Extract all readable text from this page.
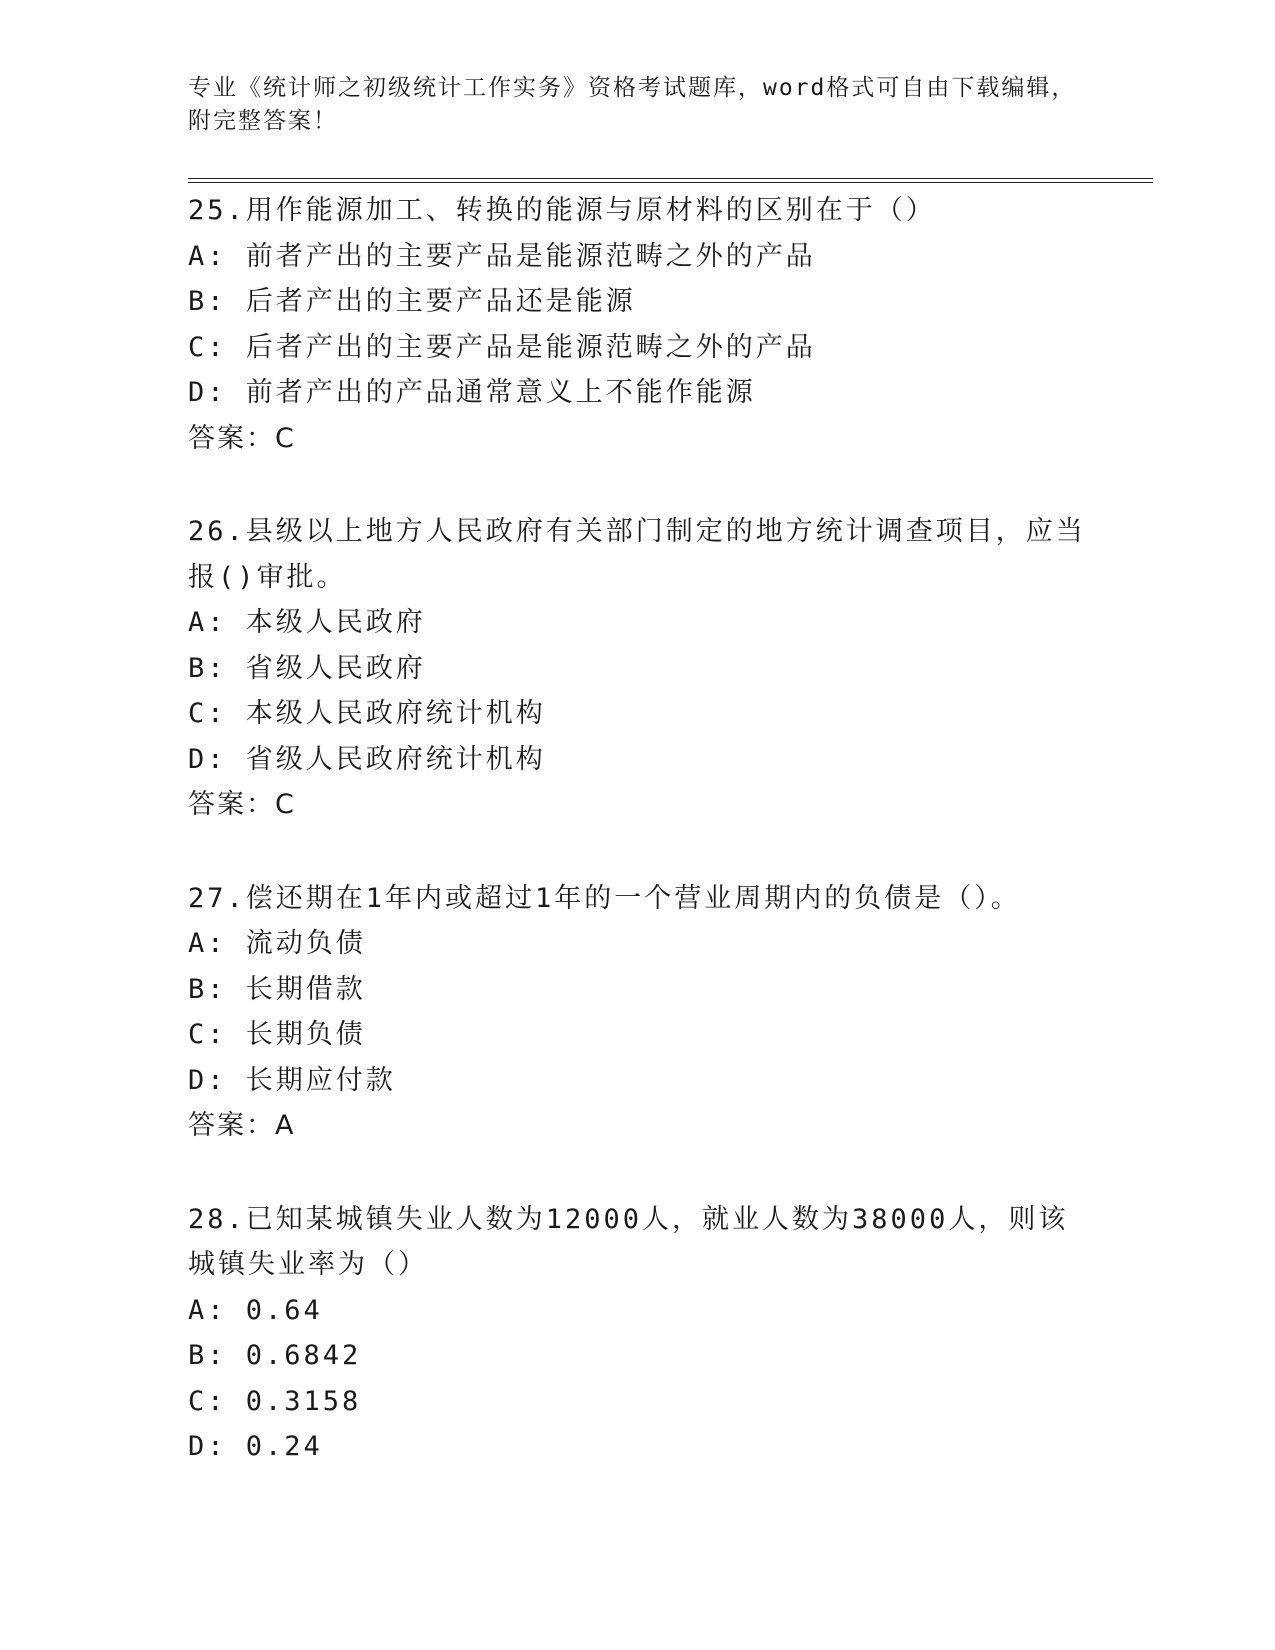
专业《统计师之初级统计工作实务》资格考试题库，word格式可自由下载编辑，
附完整答案！

25.用作能源加工、转换的能源与原材料的区别在于（）

A: 前者产出的主要产品是能源范畴之外的产品

B: 后者产出的主要产品还是能源

C: 后者产出的主要产品是能源范畴之外的产品

D: 前者产出的产品通常意义上不能作能源

答案：C

26.县级以上地方人民政府有关部门制定的地方统计调查项目，应当报()审批。

A: 本级人民政府

B: 省级人民政府

C: 本级人民政府统计机构

D: 省级人民政府统计机构

答案：C

27.偿还期在1年内或超过1年的一个营业周期内的负债是（）。

A: 流动负债

B: 长期借款

C: 长期负债

D: 长期应付款

答案：A

28.已知某城镇失业人数为12000人，就业人数为38000人，则该城镇失业率为（）

A: 0.64

B: 0.6842

C: 0.3158

D: 0.24
